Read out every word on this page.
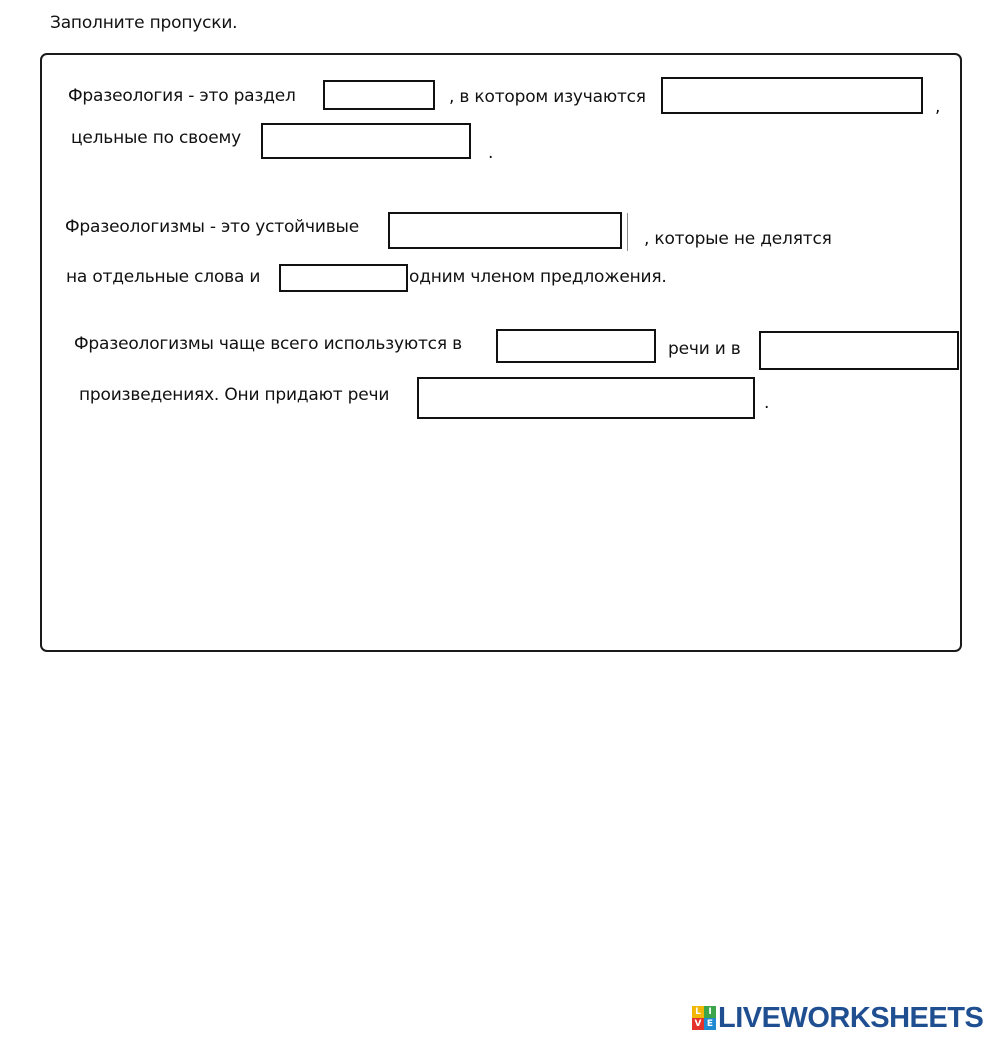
Заполните пропуски.
Фразеология - это раздел	, в котором изучаются	,
цельные по своему
.
Фразеологизмы - это устойчивые
, которые не делятся
на отдельные слова и	одним членом предложения.
Фразеологизмы чаще всего используются в	речи и в
произведениях. Они придают речи	.
L I
V E LIVEWORKSHEETS
